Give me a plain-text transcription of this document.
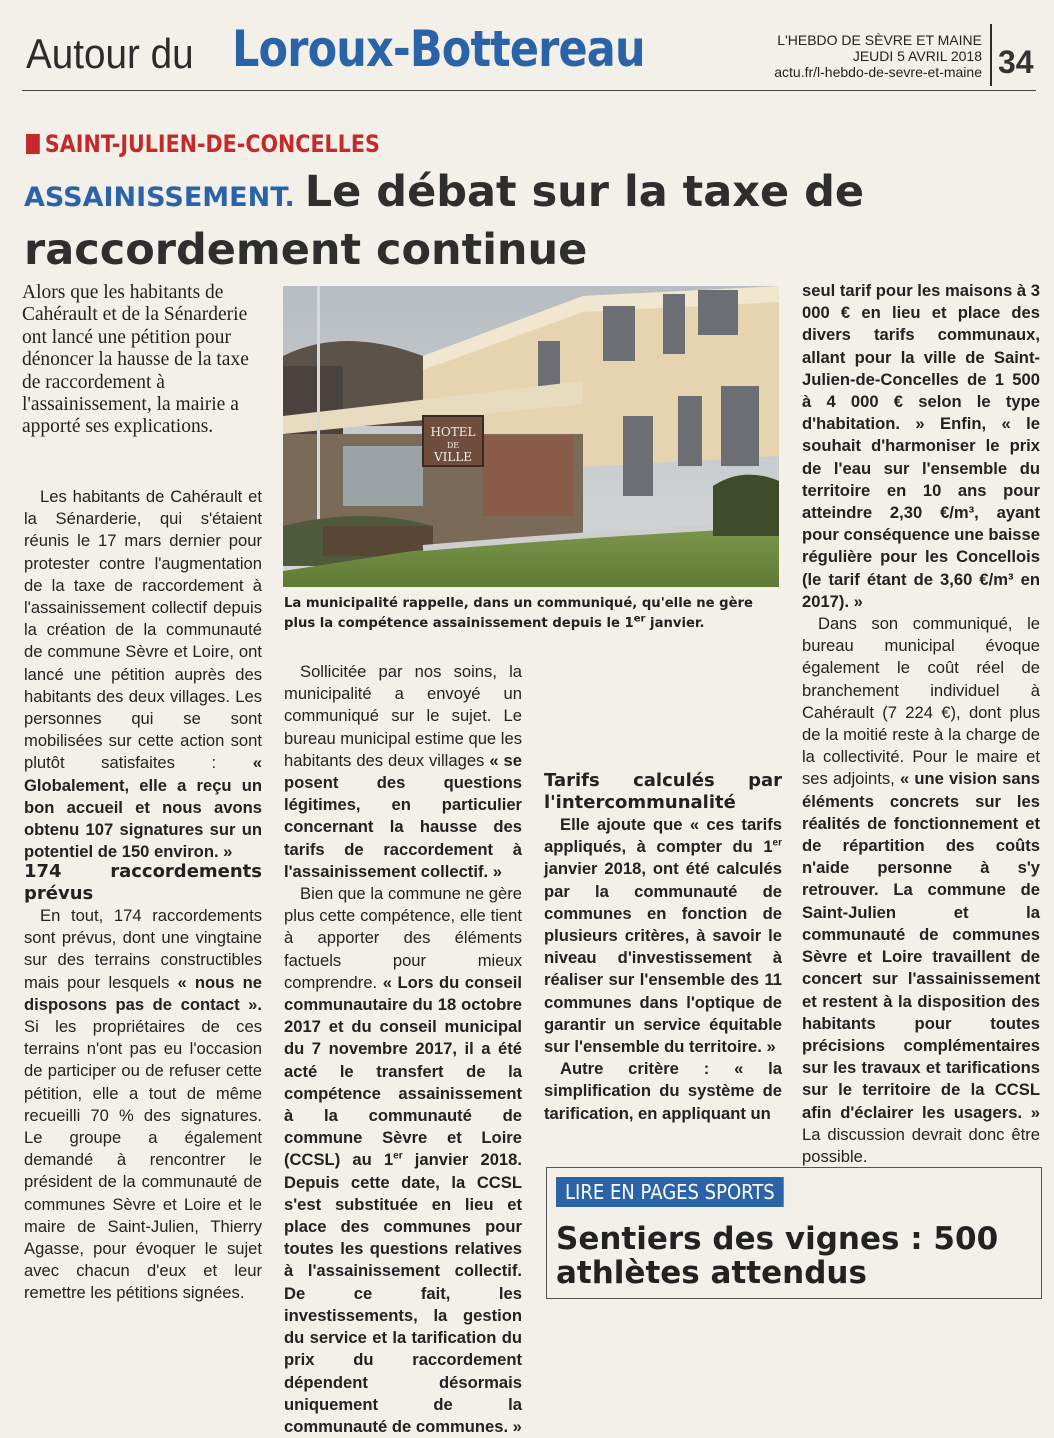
Autour du Loroux-Bottereau	L'HEBDO DE SÈVRE ET MAINE
JEUDI 5 AVRIL 2018
actu.fr/l-hebdo-de-sevre-et-maine 34
SAINT-JULIEN-DE-CONCELLES
ASSAINISSEMENT. Le débat sur la taxe de raccordement continue
Alors que les habitants de Cahérault et de la Sénarderie ont lancé une pétition pour dénoncer la hausse de la taxe de raccordement à l'assainissement, la mairie a apporté ses explications.

Les habitants de Cahérault et la Sénarderie, qui s'étaient réunis le 17 mars dernier pour protester contre l'augmentation de la taxe de raccordement à l'assainissement collectif depuis la création de la communauté de commune Sèvre et Loire, ont lancé une pétition auprès des habitants des deux villages. Les personnes qui se sont mobilisées sur cette action sont plutôt satisfaites : « Globalement, elle a reçu un bon accueil et nous avons obtenu 107 signatures sur un potentiel de 150 environ. »

174 raccordements prévus

En tout, 174 raccordements sont prévus, dont une vingtaine sur des terrains constructibles mais pour lesquels « nous ne disposons pas de contact ». Si les propriétaires de ces terrains n'ont pas eu l'occasion de participer ou de refuser cette pétition, elle a tout de même recueilli 70 % des signatures. Le groupe a également demandé à rencontrer le président de la communauté de communes Sèvre et Loire et le maire de Saint-Julien, Thierry Agasse, pour évoquer le sujet avec chacun d'eux et leur remettre les pétitions signées.

HOTEL
DE
VILLE
La municipalité rappelle, dans un communiqué, qu'elle ne gère plus la compétence assainissement depuis le 1er janvier.

Sollicitée par nos soins, la municipalité a envoyé un communiqué sur le sujet. Le bureau municipal estime que les habitants des deux villages « se posent des questions légitimes, en particulier concernant la hausse des tarifs de raccordement à l'assainissement collectif. »

Bien que la commune ne gère plus cette compétence, elle tient à apporter des éléments factuels pour mieux comprendre. « Lors du conseil communautaire du 18 octobre 2017 et du conseil municipal du 7 novembre 2017, il a été acté le transfert de la compétence assainissement à la communauté de commune Sèvre et Loire (CCSL) au 1er janvier 2018. Depuis cette date, la CCSL s'est substituée en lieu et place des communes pour toutes les questions relatives à l'assainissement collectif. De ce fait, les investissements, la gestion du service et la tarification du prix du raccordement dépendent désormais uniquement de la communauté de communes. »

Tarifs calculés par l'intercommunalité

Elle ajoute que « ces tarifs appliqués, à compter du 1er janvier 2018, ont été calculés par la communauté de communes en fonction de plusieurs critères, à savoir le niveau d'investissement à réaliser sur l'ensemble des 11 communes dans l'optique de garantir un service équitable sur l'ensemble du territoire. »

Autre critère : « la simplification du système de tarification, en appliquant un

seul tarif pour les maisons à 3 000 € en lieu et place des divers tarifs communaux, allant pour la ville de Saint-Julien-de-Concelles de 1 500 à 4 000 € selon le type d'habitation. » Enfin, « le souhait d'harmoniser le prix de l'eau sur l'ensemble du territoire en 10 ans pour atteindre 2,30 €/m³, ayant pour conséquence une baisse régulière pour les Concellois (le tarif étant de 3,60 €/m³ en 2017). »

Dans son communiqué, le bureau municipal évoque également le coût réel de branchement individuel à Cahérault (7 224 €), dont plus de la moitié reste à la charge de la collectivité. Pour le maire et ses adjoints, « une vision sans éléments concrets sur les réalités de fonctionnement et de répartition des coûts n'aide personne à s'y retrouver. La commune de Saint-Julien et la communauté de communes Sèvre et Loire travaillent de concert sur l'assainissement et restent à la disposition des habitants pour toutes précisions complémentaires sur les travaux et tarifications sur le territoire de la CCSL afin d'éclairer les usagers. » La discussion devrait donc être possible.

LIRE EN PAGES SPORTS
Sentiers des vignes : 500 athlètes attendus
